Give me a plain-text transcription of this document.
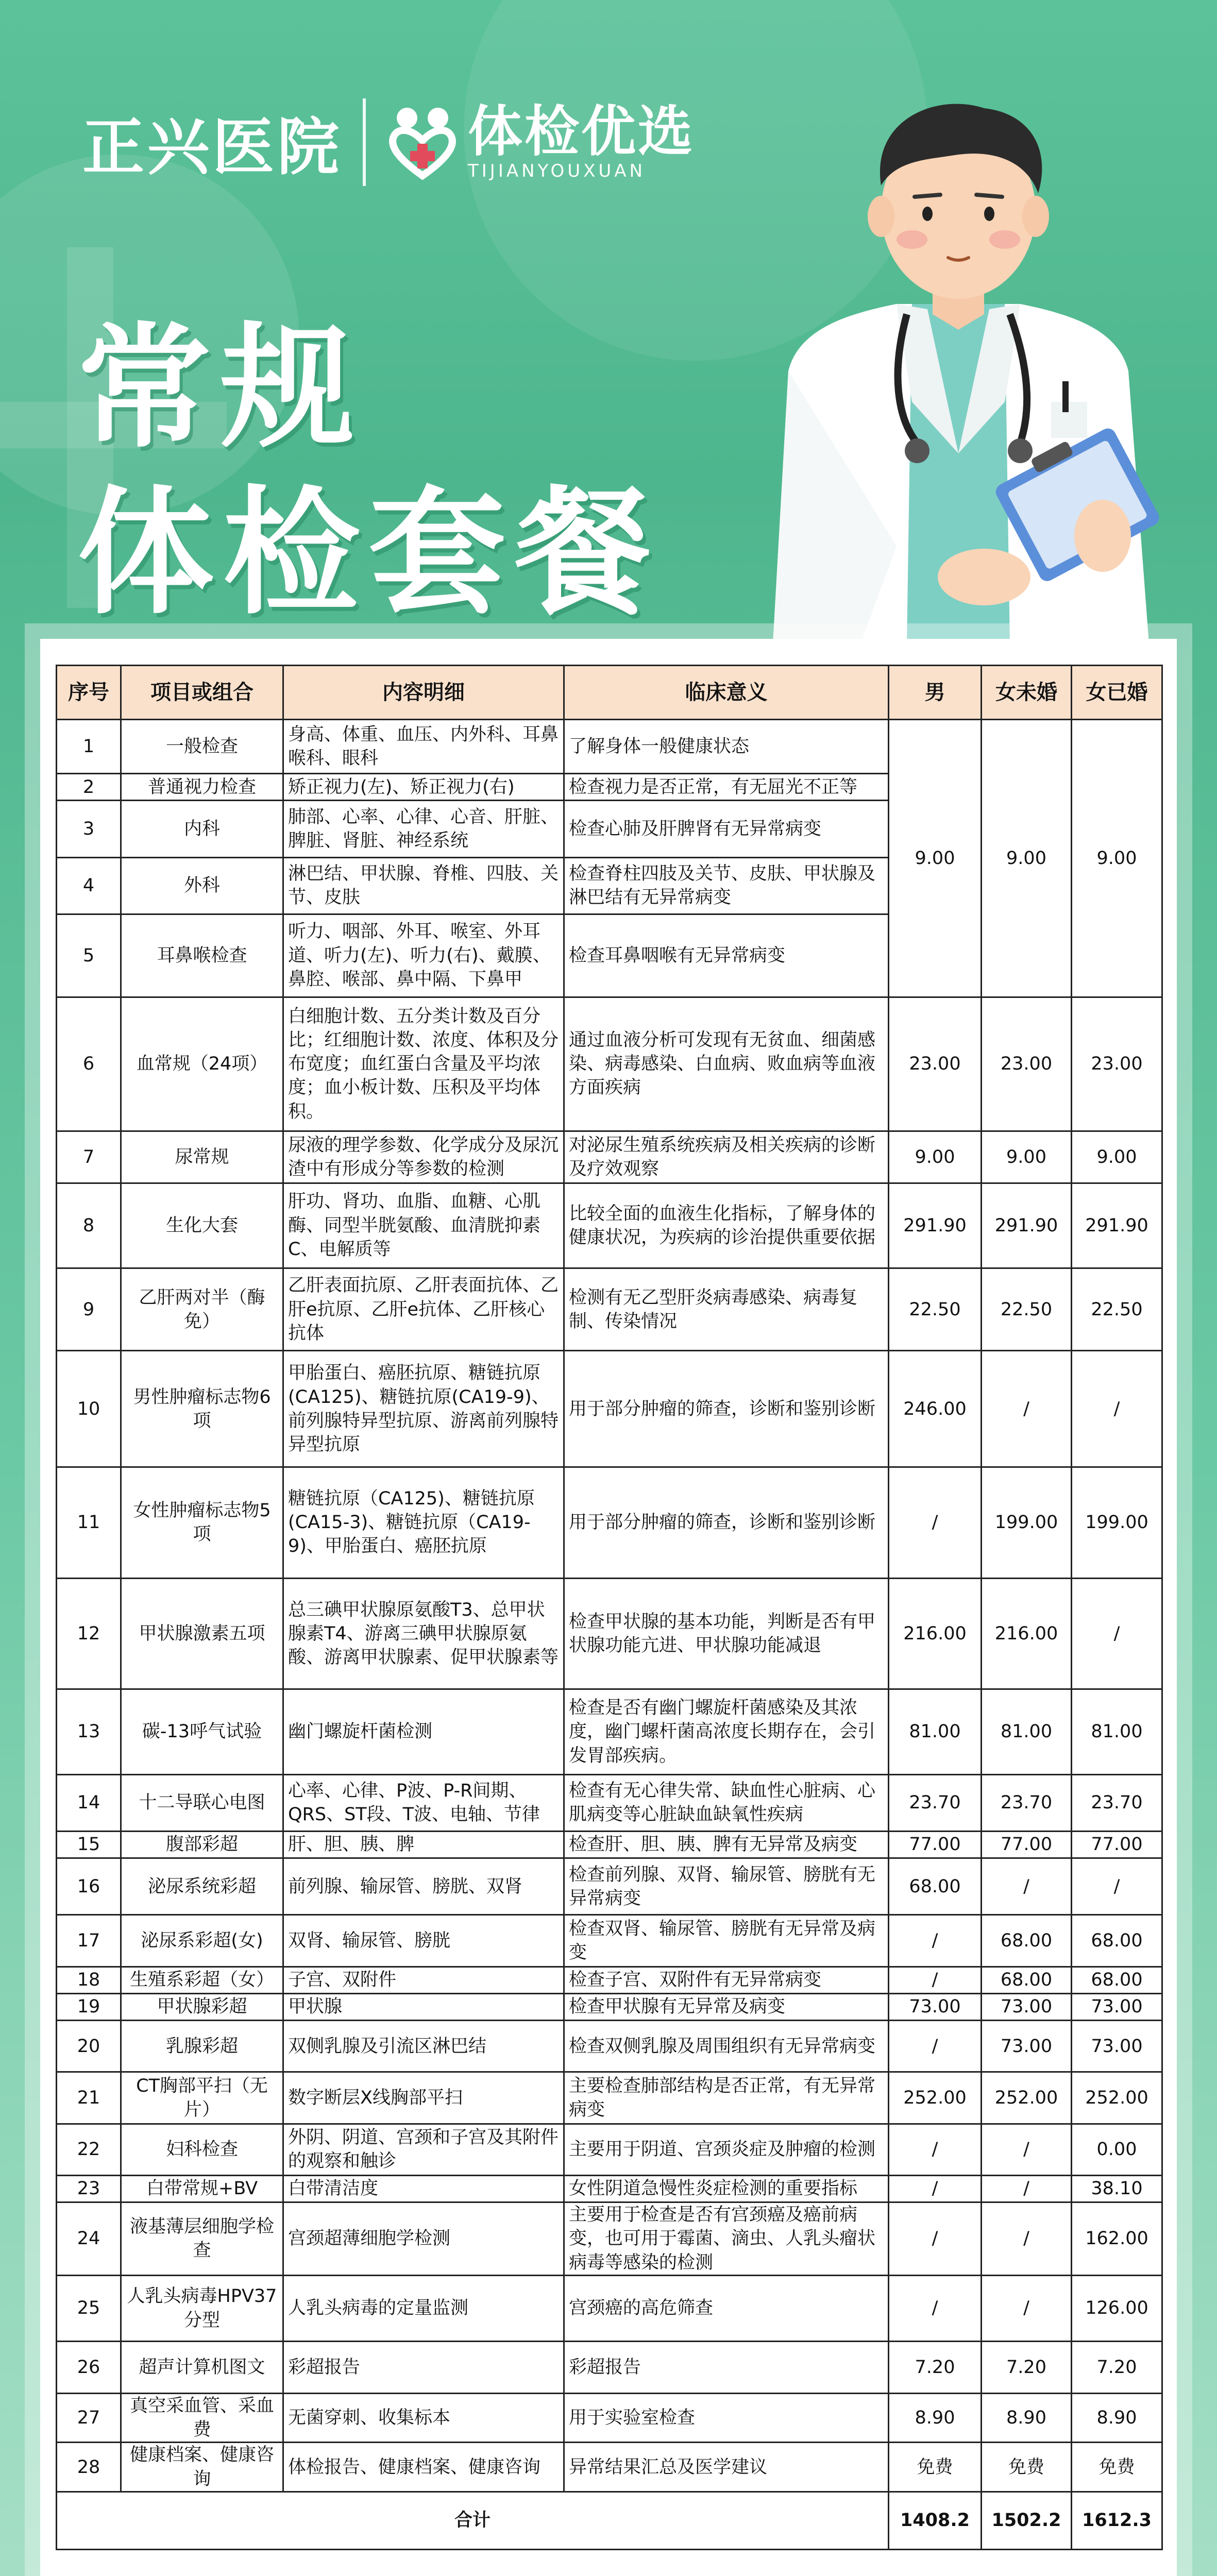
正兴医院 体检优选
TIJIANYOUXUAN
常规
体检套餐
序号	项目或组合	内容明细	临床意义	男	女未婚	女已婚
1	一般检查	身高、体重、血压、内外科、耳鼻喉科、眼科	了解身体一般健康状态	9.00	9.00	9.00
2	普通视力检查	矫正视力(左)、矫正视力(右)	检查视力是否正常，有无屈光不正等			
3	内科	肺部、心率、心律、心音、肝脏、脾脏、肾脏、神经系统	检查心肺及肝脾肾有无异常病变			
4	外科	淋巴结、甲状腺、脊椎、四肢、关节、皮肤	检查脊柱四肢及关节、皮肤、甲状腺及淋巴结有无异常病变			
5	耳鼻喉检查	听力、咽部、外耳、喉室、外耳道、听力(左)、听力(右)、戴膜、鼻腔、喉部、鼻中隔、下鼻甲	检查耳鼻咽喉有无异常病变			
6	血常规（24项）	白细胞计数、五分类计数及百分比；红细胞计数、浓度、体积及分布宽度；血红蛋白含量及平均浓度；血小板计数、压积及平均体积。	通过血液分析可发现有无贫血、细菌感染、病毒感染、白血病、败血病等血液方面疾病	23.00	23.00	23.00
7	尿常规	尿液的理学参数、化学成分及尿沉渣中有形成分等参数的检测	对泌尿生殖系统疾病及相关疾病的诊断及疗效观察	9.00	9.00	9.00
8	生化大套	肝功、肾功、血脂、血糖、心肌酶、同型半胱氨酸、血清胱抑素C、电解质等	比较全面的血液生化指标，了解身体的健康状况，为疾病的诊治提供重要依据	291.90	291.90	291.90
9	乙肝两对半（酶免）	乙肝表面抗原、乙肝表面抗体、乙肝e抗原、乙肝e抗体、乙肝核心抗体	检测有无乙型肝炎病毒感染、病毒复制、传染情况	22.50	22.50	22.50
10	男性肿瘤标志物6项	甲胎蛋白、癌胚抗原、糖链抗原(CA125)、糖链抗原(CA19-9)、前列腺特异型抗原、游离前列腺特异型抗原	用于部分肿瘤的筛查，诊断和鉴别诊断	246.00	/	/
11	女性肿瘤标志物5项	糖链抗原（CA125)、糖链抗原(CA15-3)、糖链抗原（CA19-9)、甲胎蛋白、癌胚抗原	用于部分肿瘤的筛查，诊断和鉴别诊断	/	199.00	199.00
12	甲状腺激素五项	总三碘甲状腺原氨酸T3、总甲状腺素T4、游离三碘甲状腺原氨酸、游离甲状腺素、促甲状腺素等	检查甲状腺的基本功能，判断是否有甲状腺功能亢进、甲状腺功能减退	216.00	216.00	/
13	碳-13呼气试验	幽门螺旋杆菌检测	检查是否有幽门螺旋杆菌感染及其浓度，幽门螺杆菌高浓度长期存在，会引发胃部疾病。	81.00	81.00	81.00
14	十二导联心电图	心率、心律、P波、P-R间期、QRS、ST段、T波、电轴、节律	检查有无心律失常、缺血性心脏病、心肌病变等心脏缺血缺氧性疾病	23.70	23.70	23.70
15	腹部彩超	肝、胆、胰、脾	检查肝、胆、胰、脾有无异常及病变	77.00	77.00	77.00
16	泌尿系统彩超	前列腺、输尿管、膀胱、双肾	检查前列腺、双肾、输尿管、膀胱有无异常病变	68.00	/	/
17	泌尿系彩超(女)	双肾、输尿管、膀胱	检查双肾、输尿管、膀胱有无异常及病变	/	68.00	68.00
18	生殖系彩超（女）	子宫、双附件	检查子宫、双附件有无异常病变	/	68.00	68.00
19	甲状腺彩超	甲状腺	检查甲状腺有无异常及病变	73.00	73.00	73.00
20	乳腺彩超	双侧乳腺及引流区淋巴结	检查双侧乳腺及周围组织有无异常病变	/	73.00	73.00
21	CT胸部平扫（无片）	数字断层X线胸部平扫	主要检查肺部结构是否正常，有无异常病变	252.00	252.00	252.00
22	妇科检查	外阴、阴道、宫颈和子宫及其附件的观察和触诊	主要用于阴道、宫颈炎症及肿瘤的检测	/	/	0.00
23	白带常规+BV	白带清洁度	女性阴道急慢性炎症检测的重要指标	/	/	38.10
24	液基薄层细胞学检查	宫颈超薄细胞学检测	主要用于检查是否有宫颈癌及癌前病变，也可用于霉菌、滴虫、人乳头瘤状病毒等感染的检测	/	/	162.00
25	人乳头病毒HPV37分型	人乳头病毒的定量监测	宫颈癌的高危筛查	/	/	126.00
26	超声计算机图文	彩超报告	彩超报告	7.20	7.20	7.20
27	真空采血管、采血费	无菌穿刺、收集标本	用于实验室检查	8.90	8.90	8.90
28	健康档案、健康咨询	体检报告、健康档案、健康咨询	异常结果汇总及医学建议	免费	免费	免费
合计				1408.2	1502.2	1612.3
